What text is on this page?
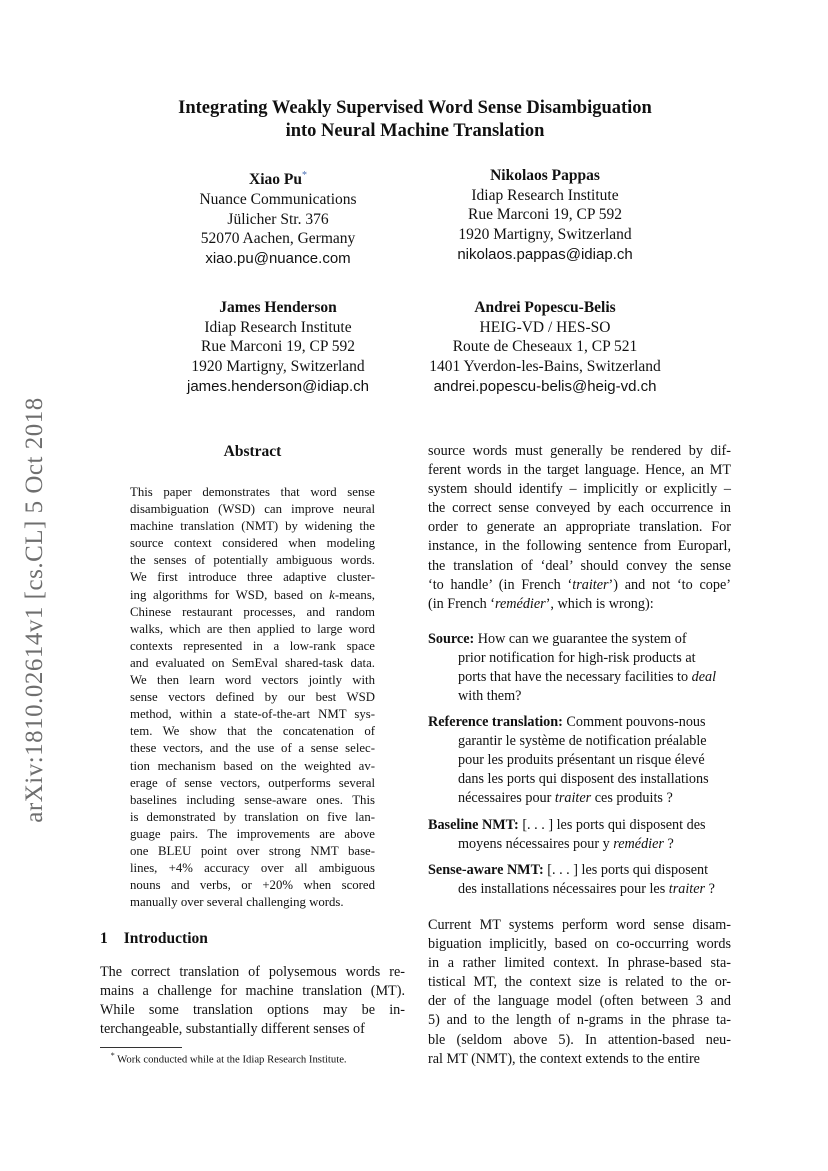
arXiv:1810.02614v1 [cs.CL] 5 Oct 2018
Integrating Weakly Supervised Word Sense Disambiguation
into Neural Machine Translation
Xiao Pu*
Nuance Communications
Jülicher Str. 376
52070 Aachen, Germany
xiao.pu@nuance.com
Nikolaos Pappas
Idiap Research Institute
Rue Marconi 19, CP 592
1920 Martigny, Switzerland
nikolaos.pappas@idiap.ch
James Henderson
Idiap Research Institute
Rue Marconi 19, CP 592
1920 Martigny, Switzerland
james.henderson@idiap.ch
Andrei Popescu-Belis
HEIG-VD / HES-SO
Route de Cheseaux 1, CP 521
1401 Yverdon-les-Bains, Switzerland
andrei.popescu-belis@heig-vd.ch
Abstract
This paper demonstrates that word sense
disambiguation (WSD) can improve neural
machine translation (NMT) by widening the
source context considered when modeling
the senses of potentially ambiguous words.
We first introduce three adaptive cluster-
ing algorithms for WSD, based on k-means,
Chinese restaurant processes, and random
walks, which are then applied to large word
contexts represented in a low-rank space
and evaluated on SemEval shared-task data.
We then learn word vectors jointly with
sense vectors defined by our best WSD
method, within a state-of-the-art NMT sys-
tem. We show that the concatenation of
these vectors, and the use of a sense selec-
tion mechanism based on the weighted av-
erage of sense vectors, outperforms several
baselines including sense-aware ones. This
is demonstrated by translation on five lan-
guage pairs. The improvements are above
one BLEU point over strong NMT base-
lines, +4% accuracy over all ambiguous
nouns and verbs, or +20% when scored
manually over several challenging words.
1 Introduction
The correct translation of polysemous words re-
mains a challenge for machine translation (MT).
While some translation options may be in-
terchangeable, substantially different senses of
* Work conducted while at the Idiap Research Institute.
source words must generally be rendered by dif-
ferent words in the target language. Hence, an MT
system should identify – implicitly or explicitly –
the correct sense conveyed by each occurrence in
order to generate an appropriate translation. For
instance, in the following sentence from Europarl,
the translation of ‘deal’ should convey the sense
‘to handle’ (in French ‘traiter’) and not ‘to cope’
(in French ‘remédier’, which is wrong):
Source: How can we guarantee the system of
prior notification for high-risk products at
ports that have the necessary facilities to deal
with them?
Reference translation: Comment pouvons-nous
garantir le système de notification préalable
pour les produits présentant un risque élevé
dans les ports qui disposent des installations
nécessaires pour traiter ces produits ?
Baseline NMT: [. . . ] les ports qui disposent des
moyens nécessaires pour y remédier ?
Sense-aware NMT: [. . . ] les ports qui disposent
des installations nécessaires pour les traiter ?
Current MT systems perform word sense disam-
biguation implicitly, based on co-occurring words
in a rather limited context. In phrase-based sta-
tistical MT, the context size is related to the or-
der of the language model (often between 3 and
5) and to the length of n-grams in the phrase ta-
ble (seldom above 5). In attention-based neu-
ral MT (NMT), the context extends to the entire
